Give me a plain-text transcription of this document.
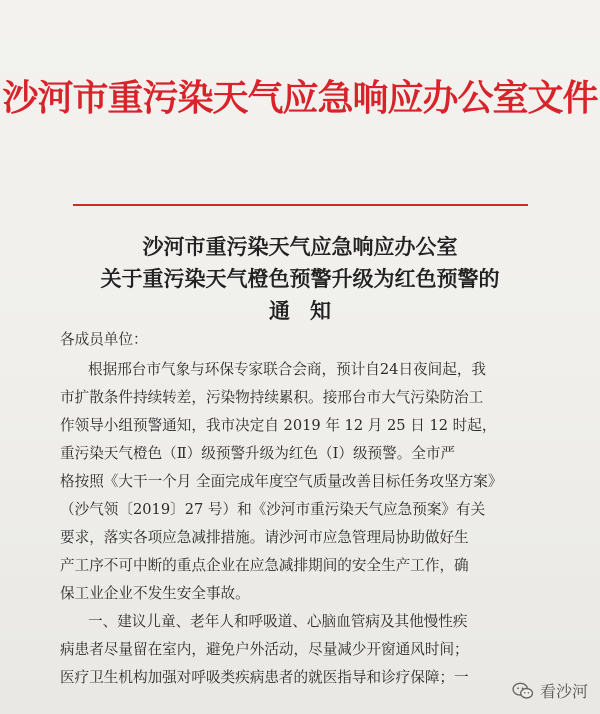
沙河市重污染天气应急响应办公室文件
沙河市重污染天气应急响应办公室
关于重污染天气橙色预警升级为红色预警的
通知
各成员单位：
根据邢台市气象与环保专家联合会商，预计自24日夜间起，我
市扩散条件持续转差，污染物持续累积。接邢台市大气污染防治工
作领导小组预警通知，我市决定自 2019 年 12 月 25 日 12 时起，
重污染天气橙色（Ⅱ）级预警升级为红色（Ⅰ）级预警。全市严
格按照《大干一个月 全面完成年度空气质量改善目标任务攻坚方案》
（沙气领〔2019〕27 号）和《沙河市重污染天气应急预案》有关
要求，落实各项应急减排措施。请沙河市应急管理局协助做好生
产工序不可中断的重点企业在应急减排期间的安全生产工作，确
保工业企业不发生安全事故。
一、建议儿童、老年人和呼吸道、心脑血管病及其他慢性疾
病患者尽量留在室内，避免户外活动，尽量减少开窗通风时间；
医疗卫生机构加强对呼吸类疾病患者的就医指导和诊疗保障；一
看沙河
